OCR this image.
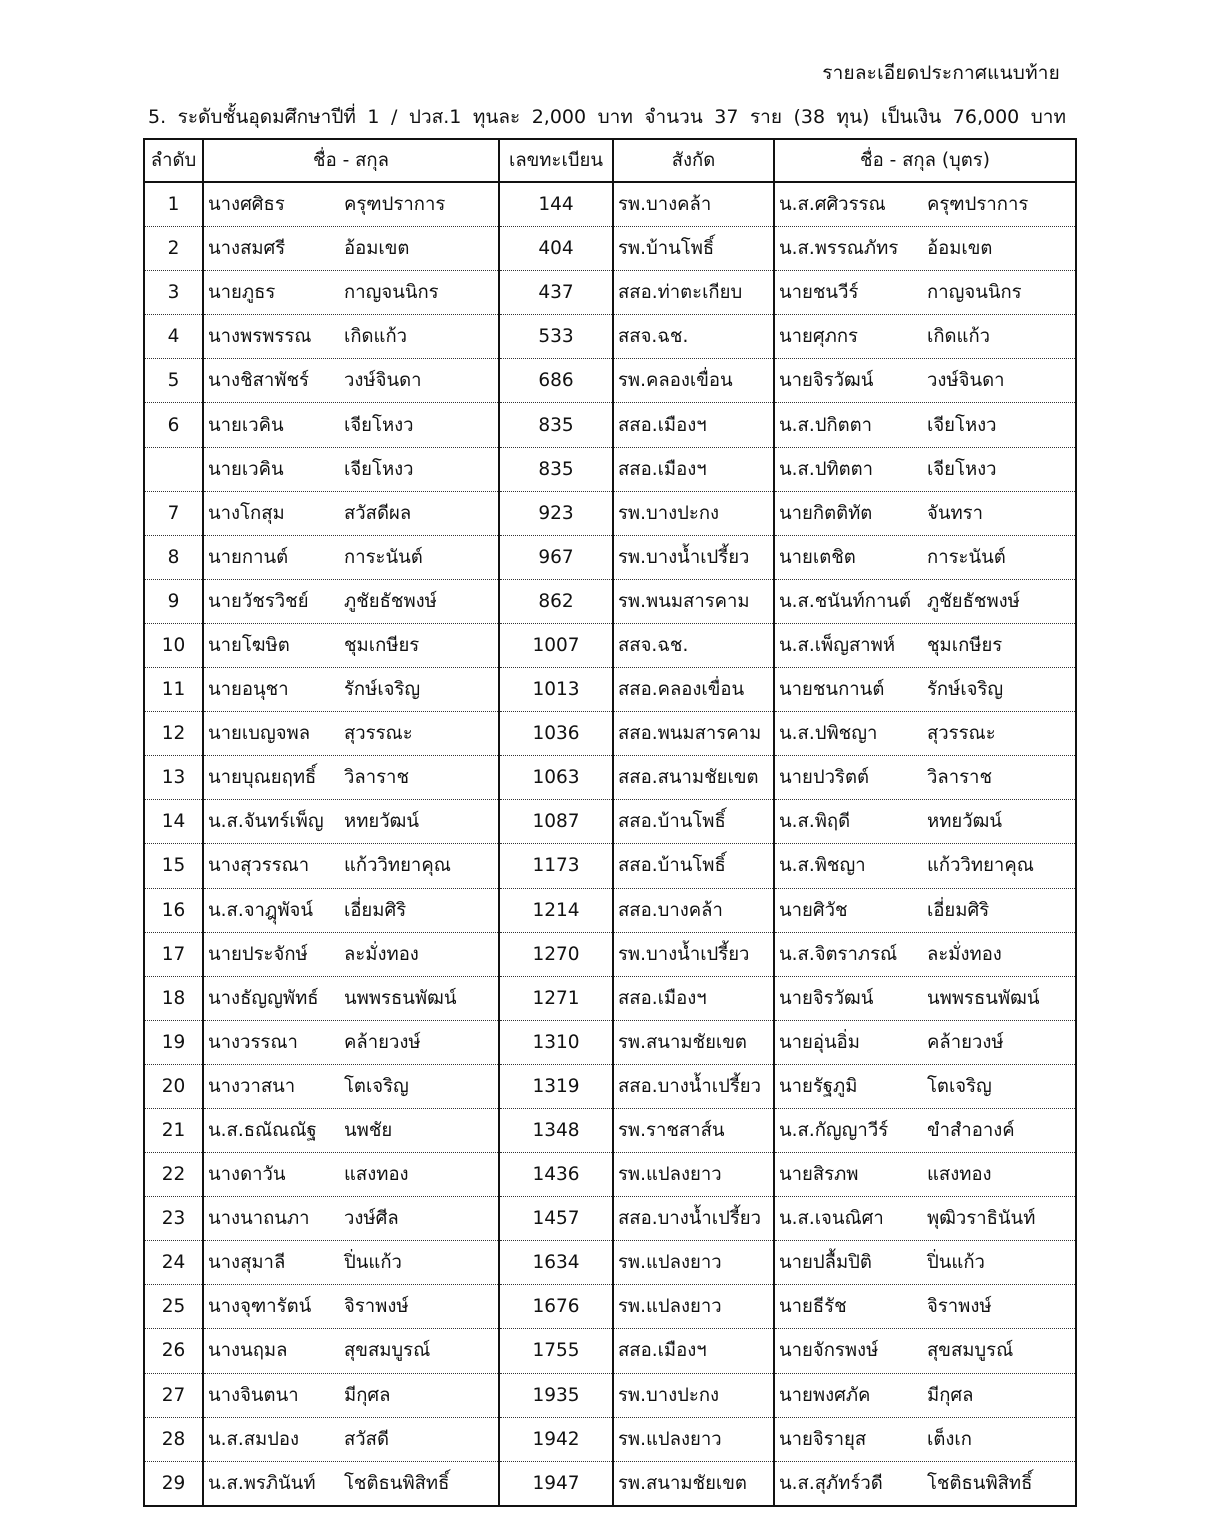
รายละเอียดประกาศแนบท้าย
5. ระดับชั้นอุดมศึกษาปีที่ 1 / ปวส.1 ทุนละ 2,000 บาท จำนวน 37 ราย (38 ทุน) เป็นเงิน 76,000 บาท
ลำดับ	ชื่อ - สกุล	เลขทะเบียน	สังกัด	ชื่อ - สกุล (บุตร)
1	นางศศิธร ครุฑปราการ	144	รพ.บางคล้า	น.ส.ศศิวรรณ ครุฑปราการ

2	นางสมศรี อ้อมเขต	404	รพ.บ้านโพธิ์	น.ส.พรรณภัทร อ้อมเขต

3	นายภูธร กาญจนนิกร	437	สสอ.ท่าตะเกียบ	นายชนวีร์ กาญจนนิกร

4	นางพรพรรณ เกิดแก้ว	533	สสจ.ฉช.	นายศุภกร เกิดแก้ว

5	นางชิสาพัชร์ วงษ์จินดา	686	รพ.คลองเขื่อน	นายจิรวัฒน์ วงษ์จินดา

6	นายเวคิน เจียโหงว	835	สสอ.เมืองฯ	น.ส.ปกิตตา เจียโหงว

	นายเวคิน เจียโหงว	835	สสอ.เมืองฯ	น.ส.ปทิตตา เจียโหงว

7	นางโกสุม สวัสดีผล	923	รพ.บางปะกง	นายกิตติทัต จันทรา

8	นายกานต์ การะนันต์	967	รพ.บางน้ำเปรี้ยว	นายเตชิต การะนันต์

9	นายวัชรวิชย์ ภูชัยธัชพงษ์	862	รพ.พนมสารคาม	น.ส.ชนันท์กานต์ ภูชัยธัชพงษ์

10	นายโฆษิต ชุมเกษียร	1007	สสจ.ฉช.	น.ส.เพ็ญสาพห์ ชุมเกษียร

11	นายอนุชา รักษ์เจริญ	1013	สสอ.คลองเขื่อน	นายชนกานต์ รักษ์เจริญ

12	นายเบญจพล สุวรรณะ	1036	สสอ.พนมสารคาม	น.ส.ปพิชญา สุวรรณะ

13	นายบุณยฤทธิ์ วิลาราช	1063	สสอ.สนามชัยเขต	นายปวริตต์ วิลาราช

14	น.ส.จันทร์เพ็ญ หทยวัฒน์	1087	สสอ.บ้านโพธิ์	น.ส.พิฤดี หทยวัฒน์

15	นางสุวรรณา แก้ววิทยาคุณ	1173	สสอ.บ้านโพธิ์	น.ส.พิชญา แก้ววิทยาคุณ

16	น.ส.จาฎุพัจน์ เอี่ยมศิริ	1214	สสอ.บางคล้า	นายศิวัช เอี่ยมศิริ

17	นายประจักษ์ ละมั่งทอง	1270	รพ.บางน้ำเปรี้ยว	น.ส.จิตราภรณ์ ละมั่งทอง

18	นางธัญญพัทธ์ นพพรธนพัฒน์	1271	สสอ.เมืองฯ	นายจิรวัฒน์ นพพรธนพัฒน์

19	นางวรรณา คล้ายวงษ์	1310	รพ.สนามชัยเขต	นายอุ่นอิ่ม คล้ายวงษ์

20	นางวาสนา โตเจริญ	1319	สสอ.บางน้ำเปรี้ยว	นายรัฐภูมิ โตเจริญ

21	น.ส.ธณัณณัฐ นพชัย	1348	รพ.ราชสาส์น	น.ส.กัญญาวีร์ ขำสำอางค์

22	นางดาวัน แสงทอง	1436	รพ.แปลงยาว	นายสิรภพ แสงทอง

23	นางนาถนภา วงษ์ศีล	1457	สสอ.บางน้ำเปรี้ยว	น.ส.เจนณิศา พุฒิวราธินันท์

24	นางสุมาลี ปิ่นแก้ว	1634	รพ.แปลงยาว	นายปลื้มปิติ ปิ่นแก้ว

25	นางจุฑารัตน์ จิราพงษ์	1676	รพ.แปลงยาว	นายธีรัช จิราพงษ์

26	นางนฤมล สุขสมบูรณ์	1755	สสอ.เมืองฯ	นายจักรพงษ์ สุขสมบูรณ์

27	นางจินตนา มีกุศล	1935	รพ.บางปะกง	นายพงศภัค มีกุศล

28	น.ส.สมปอง สวัสดี	1942	รพ.แปลงยาว	นายจิรายุส เต็งเก

29	น.ส.พรภินันท์ โชติธนพิสิทธิ์	1947	รพ.สนามชัยเขต	น.ส.สุภัทร์วดี โชติธนพิสิทธิ์
